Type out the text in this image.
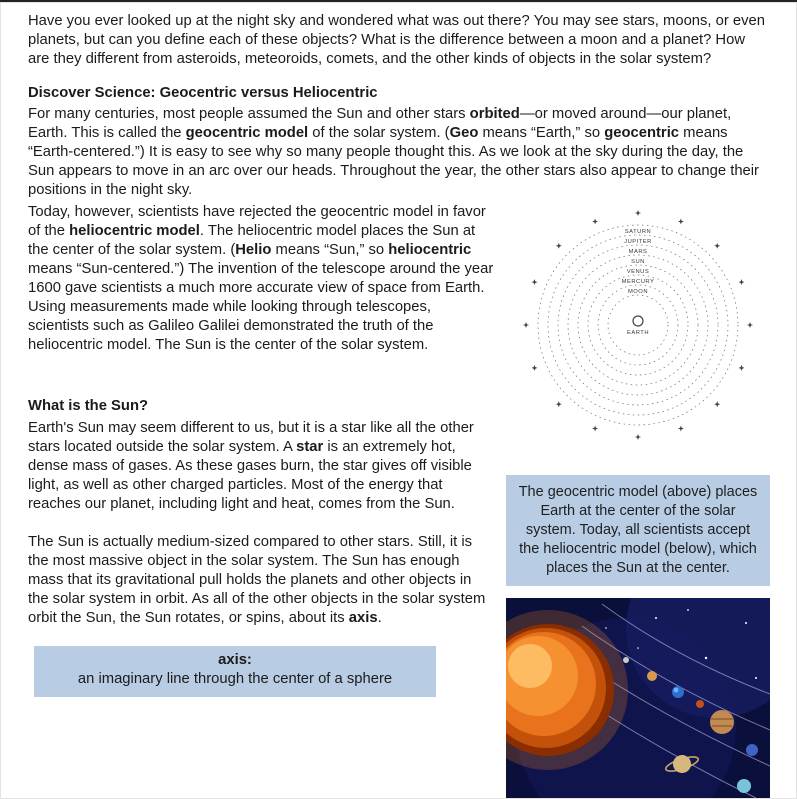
Have you ever looked up at the night sky and wondered what was out there? You may see stars, moons, or even planets, but can you define each of these objects? What is the difference between a moon and a planet? How are they different from asteroids, meteoroids, comets, and the other kinds of objects in the solar system?

Discover Science: Geocentric versus Heliocentric

For many centuries, most people assumed the Sun and other stars orbited—or moved around—our planet, Earth. This is called the geocentric model of the solar system. (Geo means “Earth,” so geocentric means “Earth-centered.”) It is easy to see why so many people thought this. As we look at the sky during the day, the Sun appears to move in an arc over our heads. Throughout the year, the other stars also appear to change their positions in the night sky.

Today, however, scientists have rejected the geocentric model in favor of the heliocentric model. The heliocentric model places the Sun at the center of the solar system. (Helio means “Sun,” so heliocentric means “Sun-centered.”) The invention of the telescope around the year 1600 gave scientists a much more accurate view of space from Earth. Using measurements made while looking through telescopes, scientists such as Galileo Galilei demonstrated the truth of the heliocentric model. The Sun is the center of the solar system.

What is the Sun?

Earth's Sun may seem different to us, but it is a star like all the other stars located outside the solar system. A star is an extremely hot, dense mass of gases. As these gases burn, the star gives off visible light, as well as other charged particles. Most of the energy that reaches our planet, including light and heat, comes from the Sun.

The Sun is actually medium-sized compared to other stars. Still, it is the most massive object in the solar system. The Sun has enough mass that its gravitational pull holds the planets and other objects in the solar system in orbit. As all of the other objects in the solar system orbit the Sun, the Sun rotates, or spins, about its axis.

axis:
an imaginary line through the center of a sphere
SATURN
JUPITER
MARS
SUN
VENUS
MERCURY
MOON
EARTH
The geocentric model (above) places Earth at the center of the solar system. Today, all scientists accept the heliocentric model (below), which places the Sun at the center.
